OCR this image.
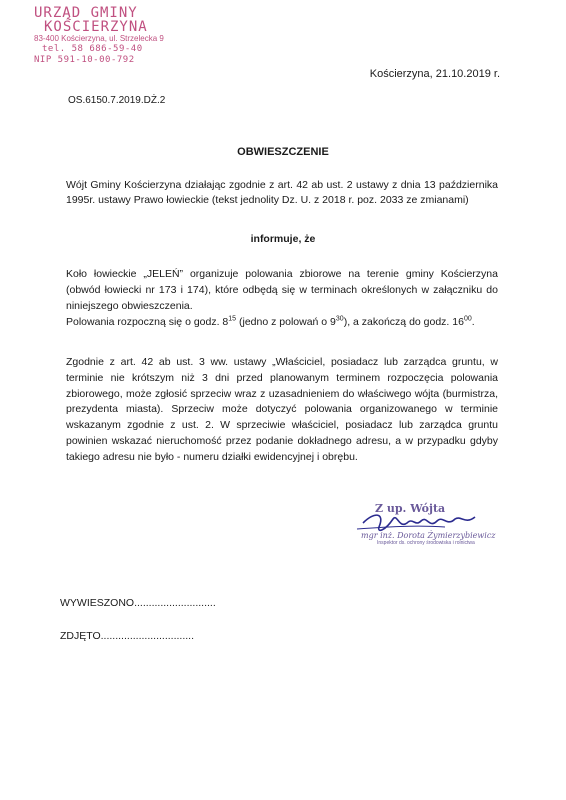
URZĄD GMINY
KOŚCIERZYNA
83-400 Kościerzyna, ul. Strzelecka 9
tel. 58 686-59-40
NIP 591-10-00-792
Kościerzyna, 21.10.2019 r.
OS.6150.7.2019.DŻ.2
OBWIESZCZENIE
Wójt Gminy Kościerzyna działając zgodnie z art. 42 ab ust. 2 ustawy z dnia 13 października 1995r. ustawy Prawo łowieckie (tekst jednolity Dz. U. z 2018 r. poz. 2033 ze zmianami)
informuje, że
Koło łowieckie „JELEŃ” organizuje polowania zbiorowe na terenie gminy Kościerzyna (obwód łowiecki nr 173 i 174), które odbędą się w terminach określonych w załączniku do niniejszego obwieszczenia.
Polowania rozpoczną się o godz. $8^{15}$ (jedno z polowań o $9^{30}$), a zakończą do godz. $16^{00}$.
Zgodnie z art. 42 ab ust. 3 ww. ustawy „Właściciel, posiadacz lub zarządca gruntu, w terminie nie krótszym niż 3 dni przed planowanym terminem rozpoczęcia polowania zbiorowego, może zgłosić sprzeciw wraz z uzasadnieniem do właściwego wójta (burmistrza, prezydenta miasta). Sprzeciw może dotyczyć polowania organizowanego w terminie wskazanym zgodnie z ust. 2. W sprzeciwie właściciel, posiadacz lub zarządca gruntu powinien wskazać nieruchomość przez podanie dokładnego adresu, a w przypadku gdyby takiego adresu nie było - numeru działki ewidencyjnej i obrębu.
Z up. Wójta
mgr inż. Dorota Żymierzybiewicz
Inspektor ds. ochrony środowiska i rolnictwa
WYWIESZONO............................
ZDJĘTO................................
